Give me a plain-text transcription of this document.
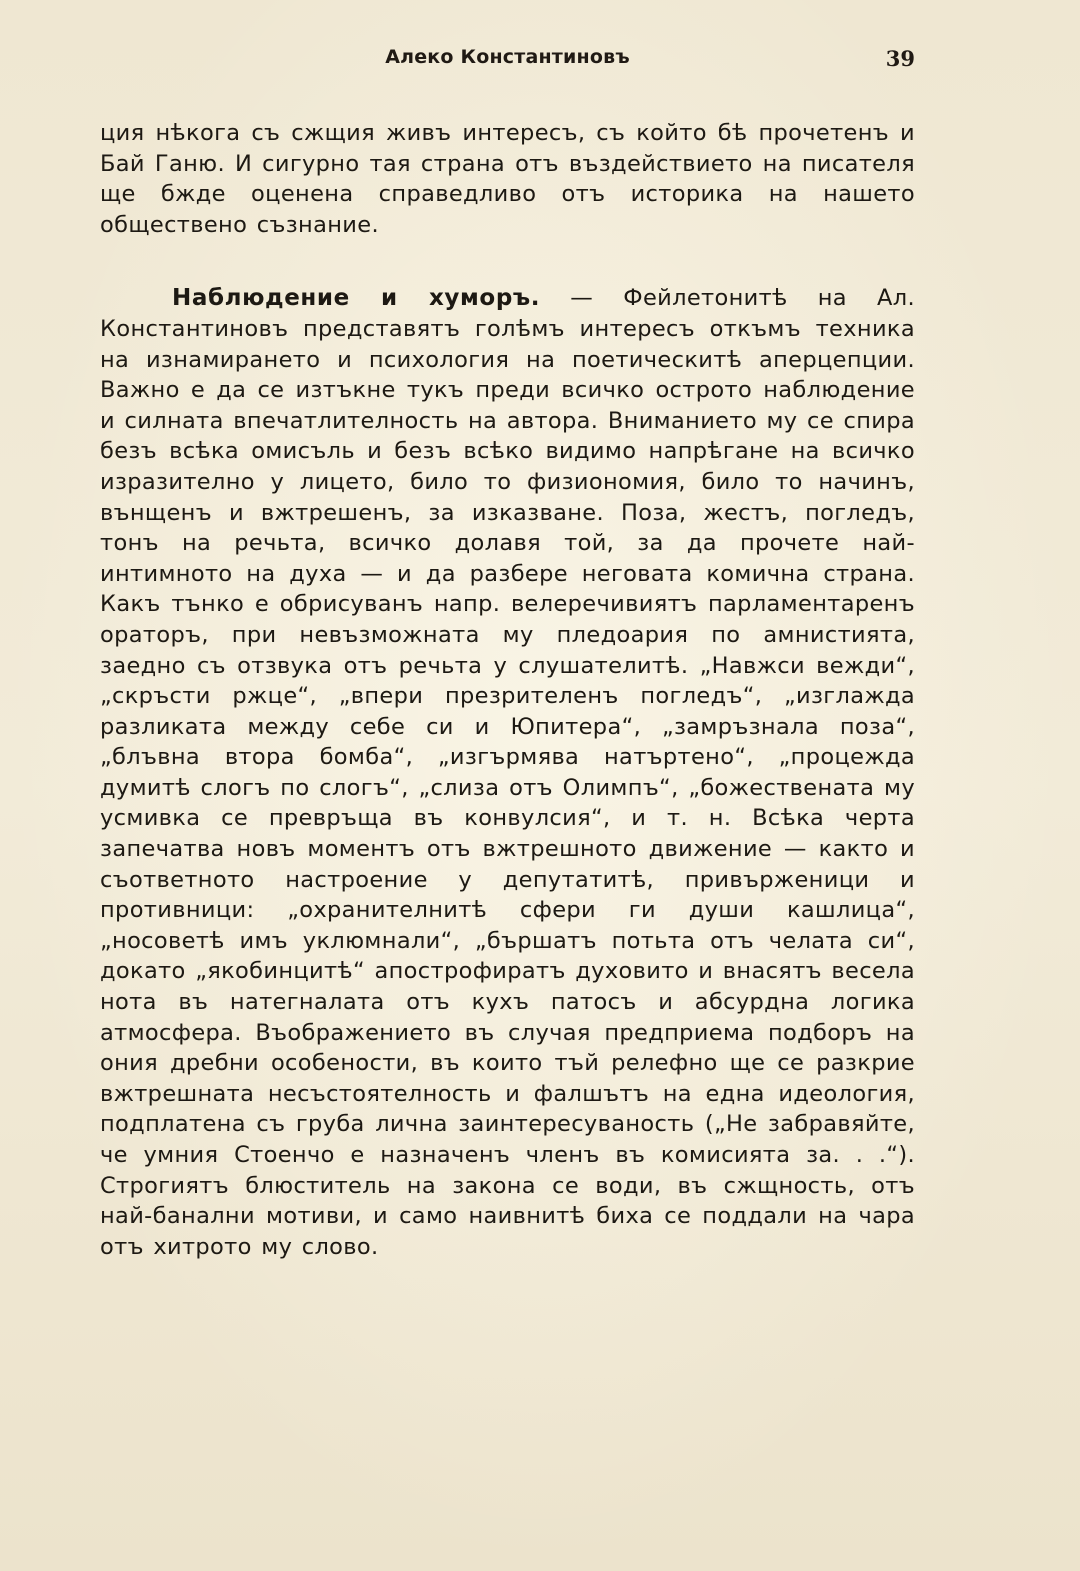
Алеко Константиновъ	39

ция нѣкога съ сжщия живъ интересъ, съ който бѣ прочетенъ и Бай Ганю. И сигурно тая страна отъ въздействието на писателя ще бжде оценена справедливо отъ историка на нашето обществено съзнание.

Наблюдение и хуморъ. — Фейлетонитѣ на Ал. Константиновъ представятъ голѣмъ интересъ откъмъ техника на изнамирането и психология на поетическитѣ аперцепции. Важно е да се изтъкне тукъ преди всичко острото наблюдение и силната впечатлителность на автора. Вниманието му се спира безъ всѣка омисъль и безъ всѣко видимо напрѣгане на всичко изразително у лицето, било то физиономия, било то начинъ, вънщенъ и вжтрешенъ, за изказване. Поза, жестъ, погледъ, тонъ на речьта, всичко долавя той, за да прочете най-интимното на духа — и да разбере неговата комична страна. Какъ тънко е обрисуванъ напр. велеречивиятъ парламентаренъ ораторъ, при невъзможната му пледоария по амнистията, заедно съ отзвука отъ речьта у слушателитѣ. „Навжси вежди“, „скръсти ржце“, „впери презрителенъ погледъ“, „изглажда разликата между себе си и Юпитера“, „замръзнала поза“, „блъвна втора бомба“, „изгърмява натъртено“, „процежда думитѣ слогъ по слогъ“, „слиза отъ Олимпъ“, „божествената му усмивка се превръща въ конвулсия“, и т. н. Всѣка черта запечатва новъ моментъ отъ вжтрешното движение — както и съответното настроение у депутатитѣ, привърженици и противници: „охранителнитѣ сфери ги души кашлица“, „носоветѣ имъ уклюмнали“, „бършатъ потьта отъ челата си“, докато „якобинцитѣ“ апострофиратъ духовито и внасятъ весела нота въ натегналата отъ кухъ патосъ и абсурдна логика атмосфера. Въображението въ случая предприема подборъ на ония дребни особености, въ които тъй релефно ще се разкрие вжтрешната несъстоятелность и фалшътъ на една идеология, подплатена съ груба лична заинтересуваность („Не забравяйте, че умния Стоенчо е назначенъ членъ въ комисията за. . .“). Строгиятъ блюститель на закона се води, въ сжщность, отъ най-банални мотиви, и само наивнитѣ биха се поддали на чара отъ хитрото му слово.
